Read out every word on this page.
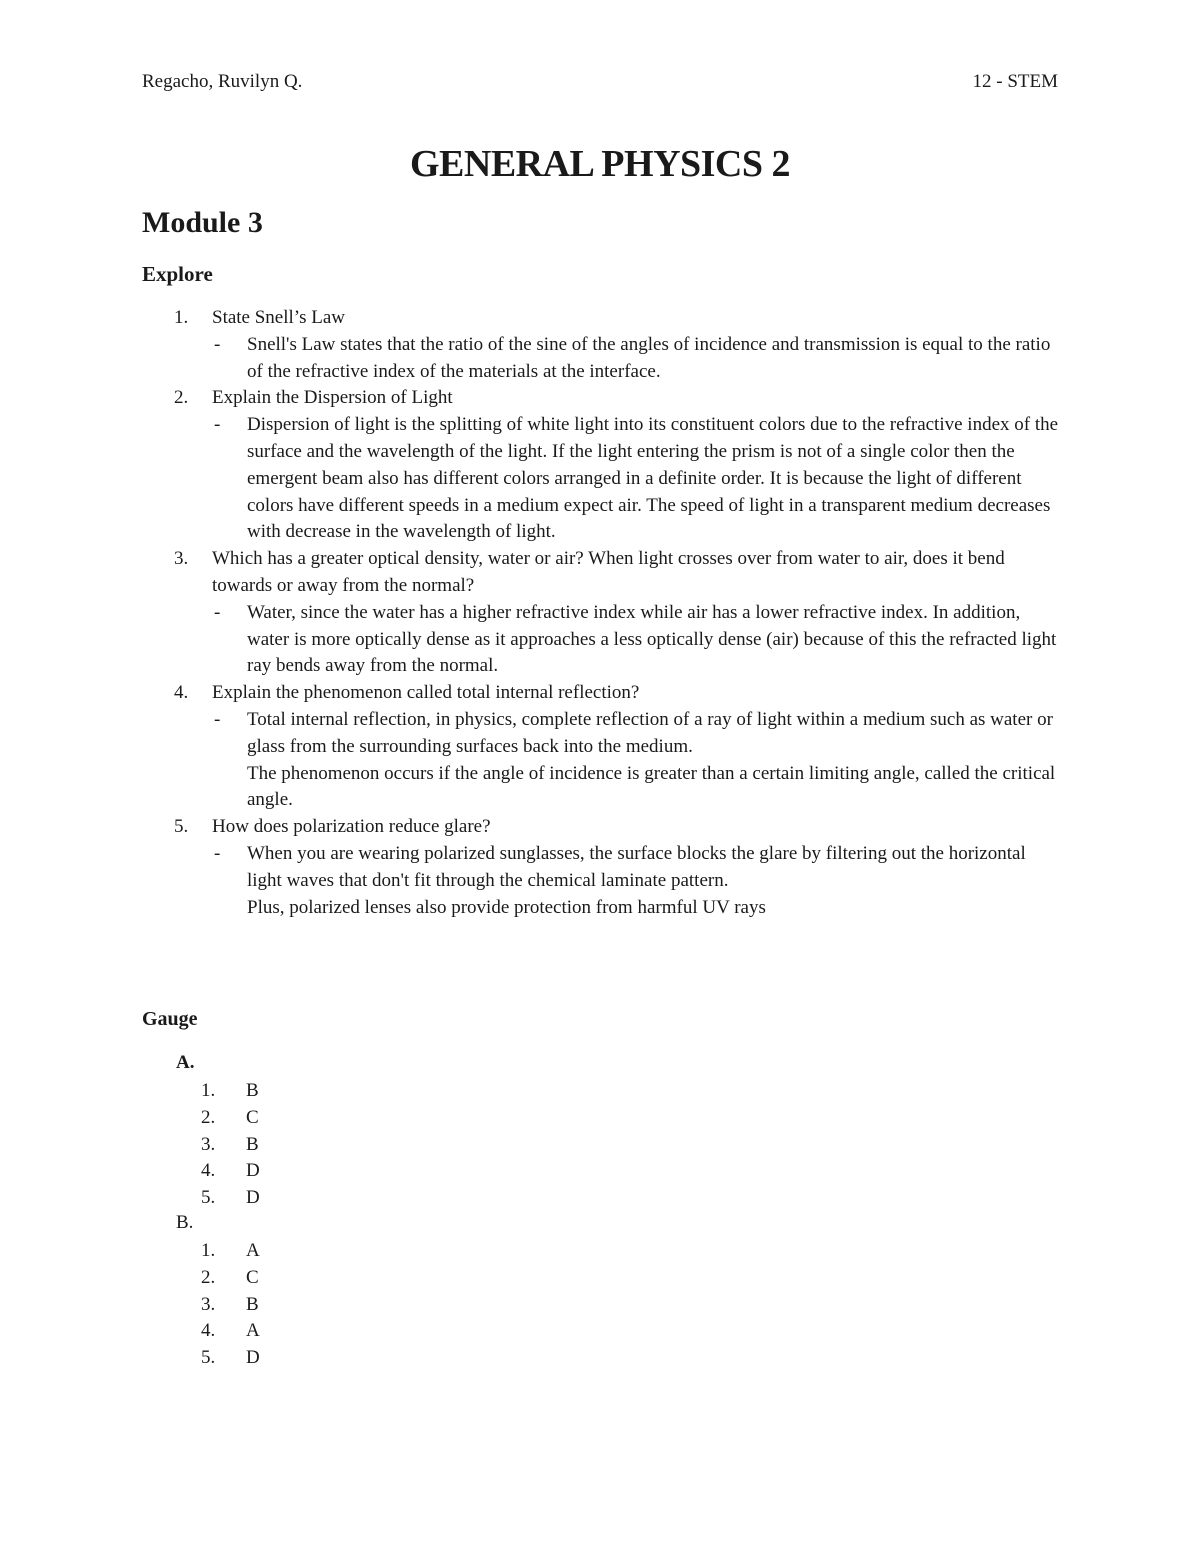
Regacho, Ruvilyn Q.	12 - STEM
GENERAL PHYSICS 2
Module 3
Explore
1. State Snell’s Law
- Snell's Law states that the ratio of the sine of the angles of incidence and transmission is equal to the ratio of the refractive index of the materials at the interface.
2. Explain the Dispersion of Light
- Dispersion of light is the splitting of white light into its constituent colors due to the refractive index of the surface and the wavelength of the light. If the light entering the prism is not of a single color then the emergent beam also has different colors arranged in a definite order. It is because the light of different colors have different speeds in a medium expect air. The speed of light in a transparent medium decreases with decrease in the wavelength of light.
3. Which has a greater optical density, water or air? When light crosses over from water to air, does it bend towards or away from the normal?
- Water, since the water has a higher refractive index while air has a lower refractive index. In addition, water is more optically dense as it approaches a less optically dense (air) because of this the refracted light ray bends away from the normal.
4. Explain the phenomenon called total internal reflection?
- Total internal reflection, in physics, complete reflection of a ray of light within a medium such as water or glass from the surrounding surfaces back into the medium.
The phenomenon occurs if the angle of incidence is greater than a certain limiting angle, called the critical angle.
5. How does polarization reduce glare?
- When you are wearing polarized sunglasses, the surface blocks the glare by filtering out the horizontal light waves that don't fit through the chemical laminate pattern.
Plus, polarized lenses also provide protection from harmful UV rays
Gauge
A.
1. B
2. C
3. B
4. D
5. D
B.
1. A
2. C
3. B
4. A
5. D
